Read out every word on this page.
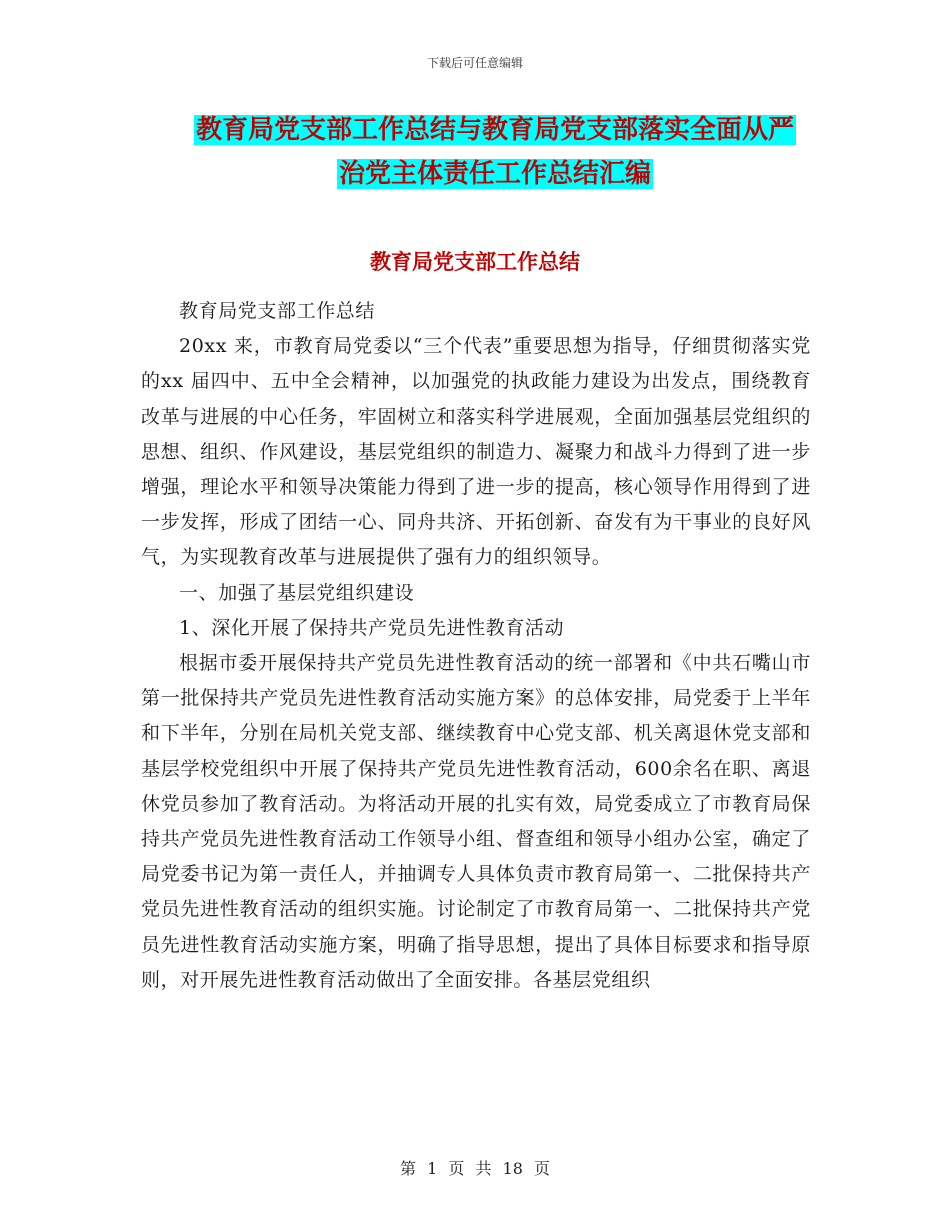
下载后可任意编辑
教育局党支部工作总结与教育局党支部落实全面从严
治党主体责任工作总结汇编
教育局党支部工作总结

教育局党支部工作总结

20xx 来，市教育局党委以“三个代表”重要思想为指导，仔细贯彻落实党的xx 届四中、五中全会精神，以加强党的执政能力建设为出发点，围绕教育改革与进展的中心任务，牢固树立和落实科学进展观，全面加强基层党组织的思想、组织、作风建设，基层党组织的制造力、凝聚力和战斗力得到了进一步增强，理论水平和领导决策能力得到了进一步的提高，核心领导作用得到了进一步发挥，形成了团结一心、同舟共济、开拓创新、奋发有为干事业的良好风气，为实现教育改革与进展提供了强有力的组织领导。

一、加强了基层党组织建设

1、深化开展了保持共产党员先进性教育活动

根据市委开展保持共产党员先进性教育活动的统一部署和《中共石嘴山市第一批保持共产党员先进性教育活动实施方案》的总体安排，局党委于上半年和下半年，分别在局机关党支部、继续教育中心党支部、机关离退休党支部和基层学校党组织中开展了保持共产党员先进性教育活动，600余名在职、离退休党员参加了教育活动。为将活动开展的扎实有效，局党委成立了市教育局保持共产党员先进性教育活动工作领导小组、督查组和领导小组办公室，确定了局党委书记为第一责任人，并抽调专人具体负责市教育局第一、二批保持共产党员先进性教育活动的组织实施。讨论制定了市教育局第一、二批保持共产党员先进性教育活动实施方案，明确了指导思想，提出了具体目标要求和指导原则，对开展先进性教育活动做出了全面安排。各基层党组织

第 1 页 共 18 页
